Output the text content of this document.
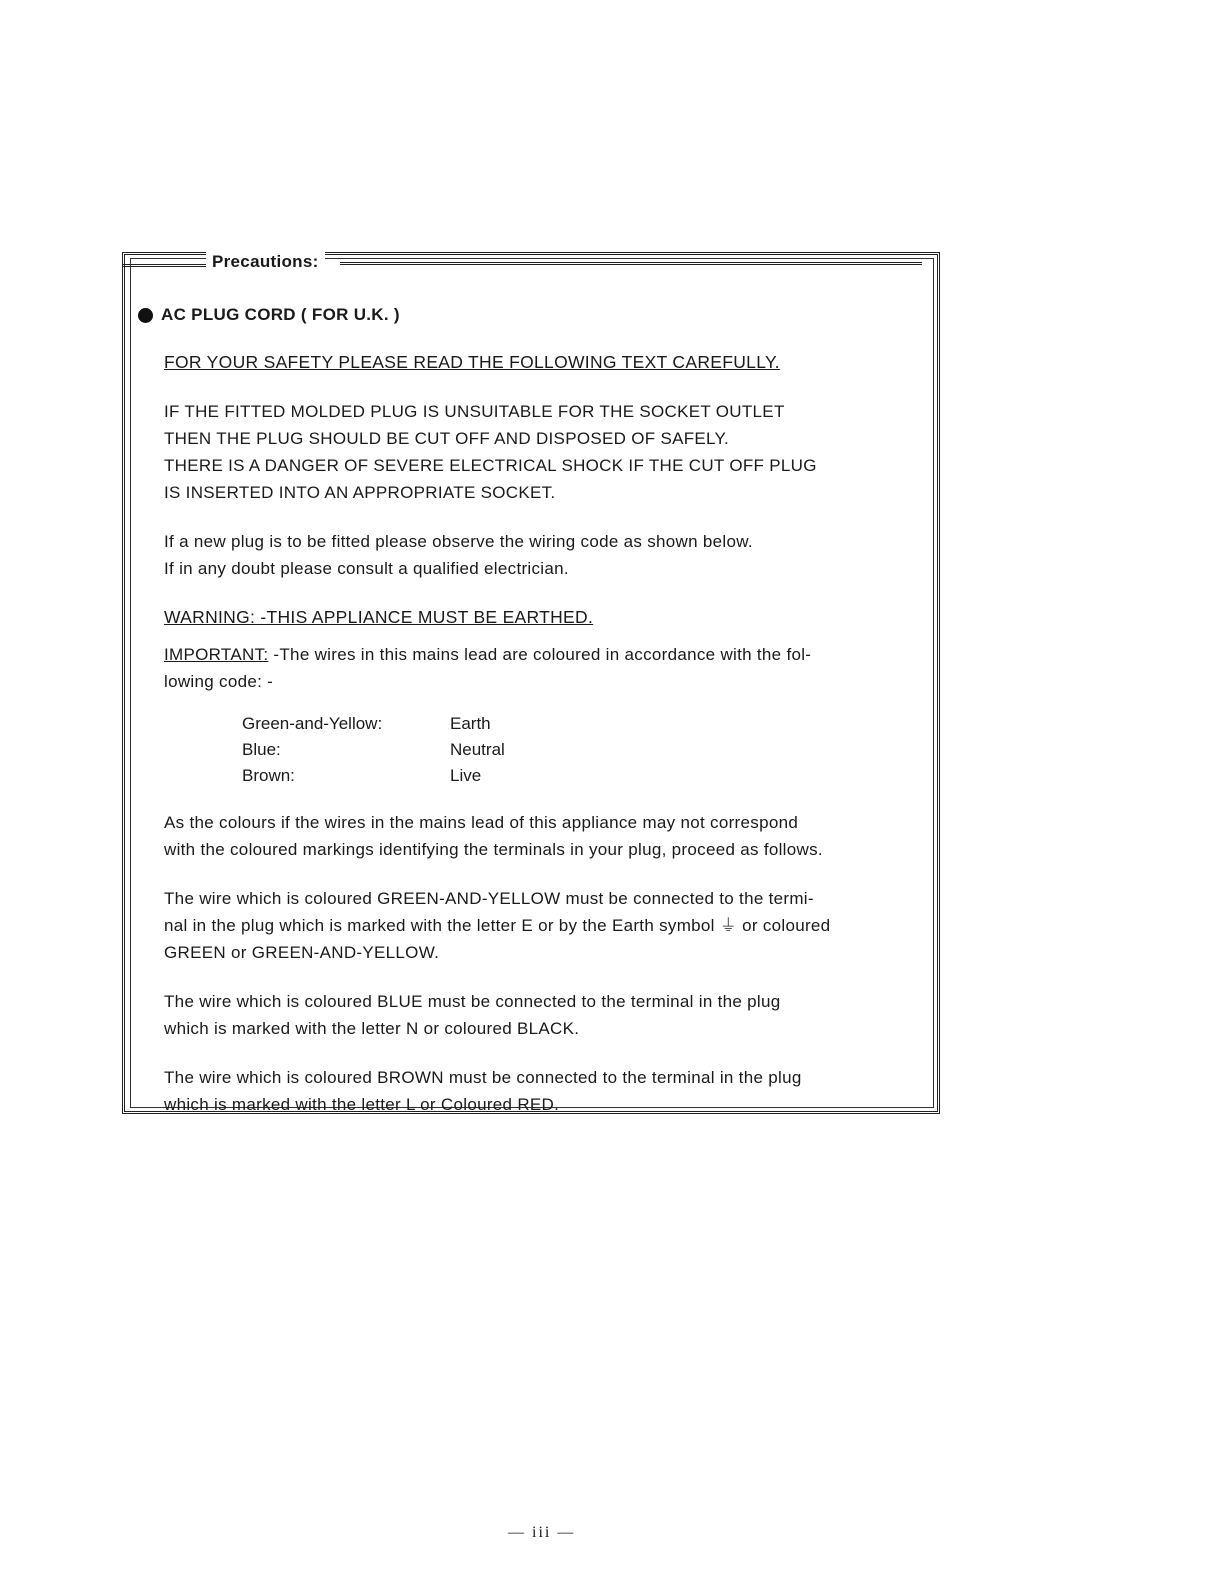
Precautions:
AC PLUG CORD ( FOR U.K. )
FOR YOUR SAFETY PLEASE READ THE FOLLOWING TEXT CAREFULLY.
IF THE FITTED MOLDED PLUG IS UNSUITABLE FOR THE SOCKET OUTLET
THEN THE PLUG SHOULD BE CUT OFF AND DISPOSED OF SAFELY.
THERE IS A DANGER OF SEVERE ELECTRICAL SHOCK IF THE CUT OFF PLUG
IS INSERTED INTO AN APPROPRIATE SOCKET.
If a new plug is to be fitted please observe the wiring code as shown below.
If in any doubt please consult a qualified electrician.
WARNING: -THIS APPLIANCE MUST BE EARTHED.
IMPORTANT: -The wires in this mains lead are coloured in accordance with the fol-
lowing code: -
Green-and-Yellow:	Earth
Blue:	Neutral
Brown:	Live
As the colours if the wires in the mains lead of this appliance may not correspond
with the coloured markings identifying the terminals in your plug, proceed as follows.
The wire which is coloured GREEN-AND-YELLOW must be connected to the termi-
nal in the plug which is marked with the letter E or by the Earth symbol ⏚ or coloured
GREEN or GREEN-AND-YELLOW.
The wire which is coloured BLUE must be connected to the terminal in the plug
which is marked with the letter N or coloured BLACK.
The wire which is coloured BROWN must be connected to the terminal in the plug
which is marked with the letter L or Coloured RED.
— iii —
